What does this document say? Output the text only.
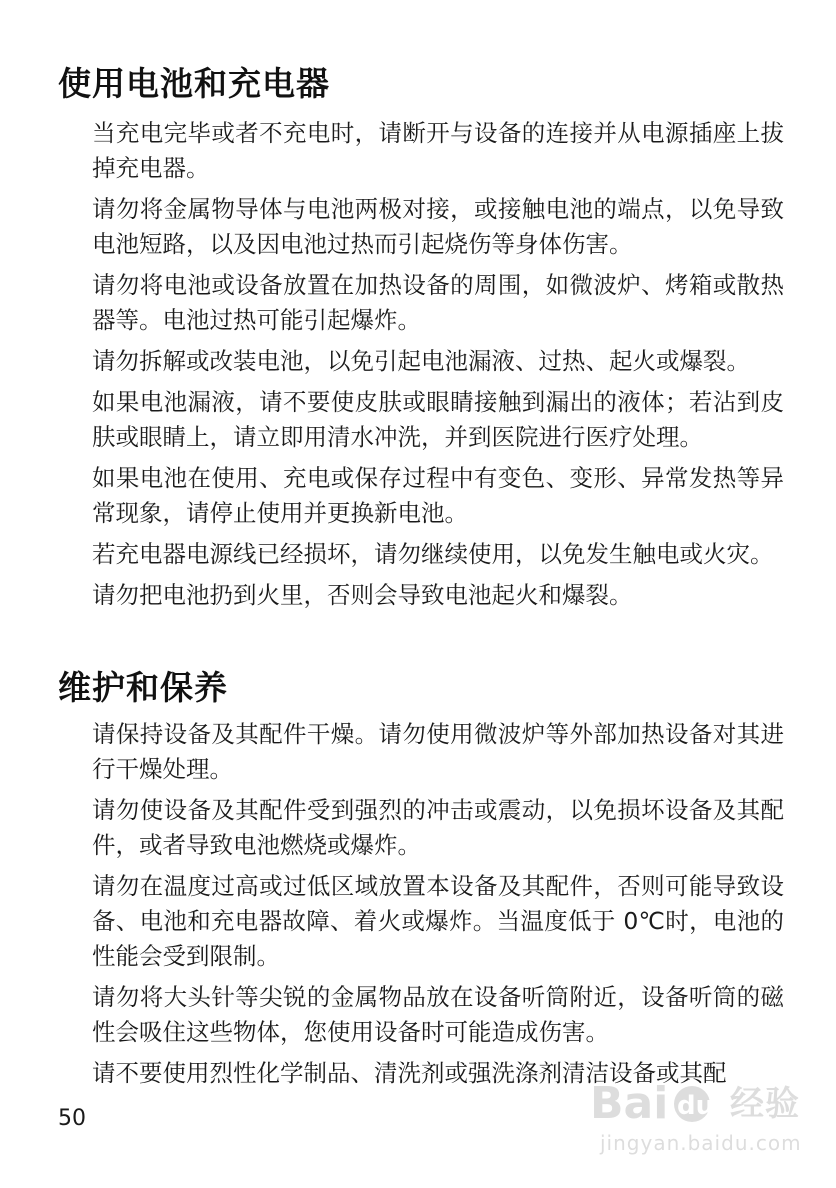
使用电池和充电器

当充电完毕或者不充电时，请断开与设备的连接并从电源插座上拔掉充电器。

请勿将金属物导体与电池两极对接，或接触电池的端点，以免导致电池短路，以及因电池过热而引起烧伤等身体伤害。

请勿将电池或设备放置在加热设备的周围，如微波炉、烤箱或散热器等。电池过热可能引起爆炸。

请勿拆解或改装电池，以免引起电池漏液、过热、起火或爆裂。

如果电池漏液，请不要使皮肤或眼睛接触到漏出的液体；若沾到皮肤或眼睛上，请立即用清水冲洗，并到医院进行医疗处理。

如果电池在使用、充电或保存过程中有变色、变形、异常发热等异常现象，请停止使用并更换新电池。

若充电器电源线已经损坏，请勿继续使用，以免发生触电或火灾。

请勿把电池扔到火里，否则会导致电池起火和爆裂。

维护和保养

请保持设备及其配件干燥。请勿使用微波炉等外部加热设备对其进行干燥处理。

请勿使设备及其配件受到强烈的冲击或震动，以免损坏设备及其配件，或者导致电池燃烧或爆炸。

请勿在温度过高或过低区域放置本设备及其配件，否则可能导致设备、电池和充电器故障、着火或爆炸。当温度低于 0℃时，电池的性能会受到限制。

请勿将大头针等尖锐的金属物品放在设备听筒附近，设备听筒的磁性会吸住这些物体，您使用设备时可能造成伤害。

请不要使用烈性化学制品、清洗剂或强洗涤剂清洁设备或其配

50	Bai du 经验
jingyan.baidu.com
